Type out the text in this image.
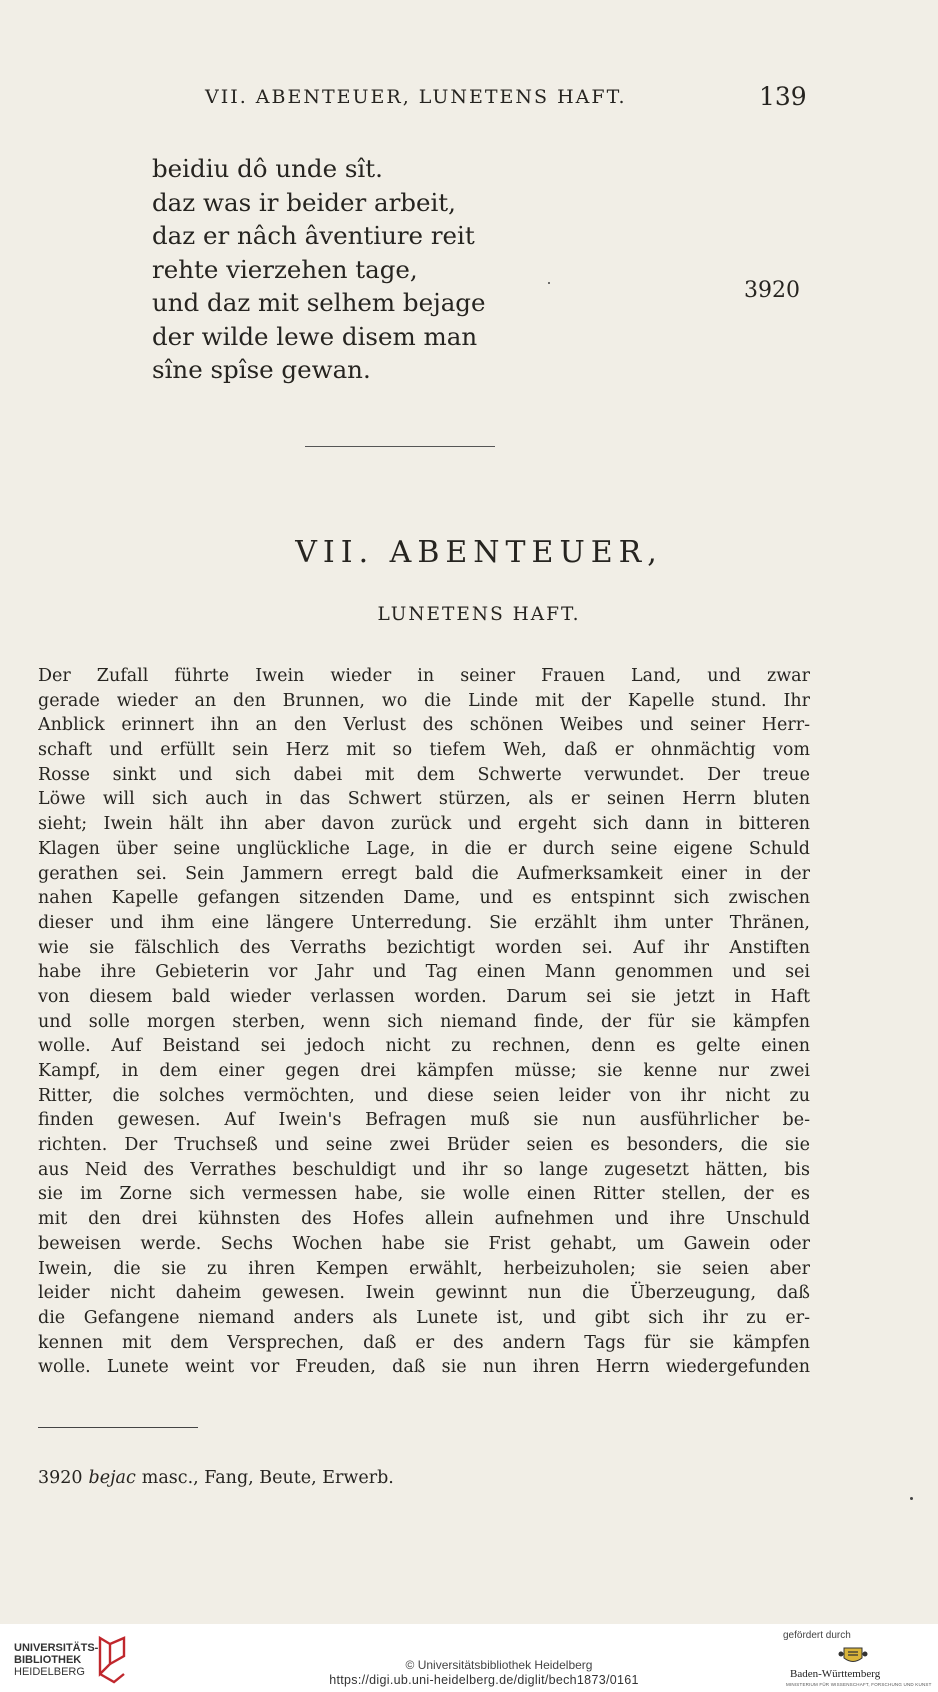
VII. ABENTEUER, LUNETENS HAFT.	139
beidiu dô unde sît.
daz was ir beider arbeit,
daz er nâch âventiure reit
rehte vierzehen tage,
und daz mit selhem bejage
der wilde lewe disem man
sîne spîse gewan.
3920
VII. ABENTEUER,
LUNETENS HAFT.
Der Zufall führte Iwein wieder in seiner Frauen Land, und zwar
gerade wieder an den Brunnen, wo die Linde mit der Kapelle stund. Ihr
Anblick erinnert ihn an den Verlust des schönen Weibes und seiner Herr-
schaft und erfüllt sein Herz mit so tiefem Weh, daß er ohnmächtig vom
Rosse sinkt und sich dabei mit dem Schwerte verwundet. Der treue
Löwe will sich auch in das Schwert stürzen, als er seinen Herrn bluten
sieht; Iwein hält ihn aber davon zurück und ergeht sich dann in bitteren
Klagen über seine unglückliche Lage, in die er durch seine eigene Schuld
gerathen sei. Sein Jammern erregt bald die Aufmerksamkeit einer in der
nahen Kapelle gefangen sitzenden Dame, und es entspinnt sich zwischen
dieser und ihm eine längere Unterredung. Sie erzählt ihm unter Thränen,
wie sie fälschlich des Verraths bezichtigt worden sei. Auf ihr Anstiften
habe ihre Gebieterin vor Jahr und Tag einen Mann genommen und sei
von diesem bald wieder verlassen worden. Darum sei sie jetzt in Haft
und solle morgen sterben, wenn sich niemand finde, der für sie kämpfen
wolle. Auf Beistand sei jedoch nicht zu rechnen, denn es gelte einen
Kampf, in dem einer gegen drei kämpfen müsse; sie kenne nur zwei
Ritter, die solches vermöchten, und diese seien leider von ihr nicht zu
finden gewesen. Auf Iwein's Befragen muß sie nun ausführlicher be-
richten. Der Truchseß und seine zwei Brüder seien es besonders, die sie
aus Neid des Verrathes beschuldigt und ihr so lange zugesetzt hätten, bis
sie im Zorne sich vermessen habe, sie wolle einen Ritter stellen, der es
mit den drei kühnsten des Hofes allein aufnehmen und ihre Unschuld
beweisen werde. Sechs Wochen habe sie Frist gehabt, um Gawein oder
Iwein, die sie zu ihren Kempen erwählt, herbeizuholen; sie seien aber
leider nicht daheim gewesen. Iwein gewinnt nun die Überzeugung, daß
die Gefangene niemand anders als Lunete ist, und gibt sich ihr zu er-
kennen mit dem Versprechen, daß er des andern Tags für sie kämpfen
wolle. Lunete weint vor Freuden, daß sie nun ihren Herrn wiedergefunden
3920 bejac masc., Fang, Beute, Erwerb.
UNIVERSITÄTS-
BIBLIOTHEK
HEIDELBERG	© Universitätsbibliothek Heidelberg
https://digi.ub.uni-heidelberg.de/diglit/bech1873/0161
gefördert durch
Baden-Württemberg
MINISTERIUM FÜR WISSENSCHAFT, FORSCHUNG UND KUNST
